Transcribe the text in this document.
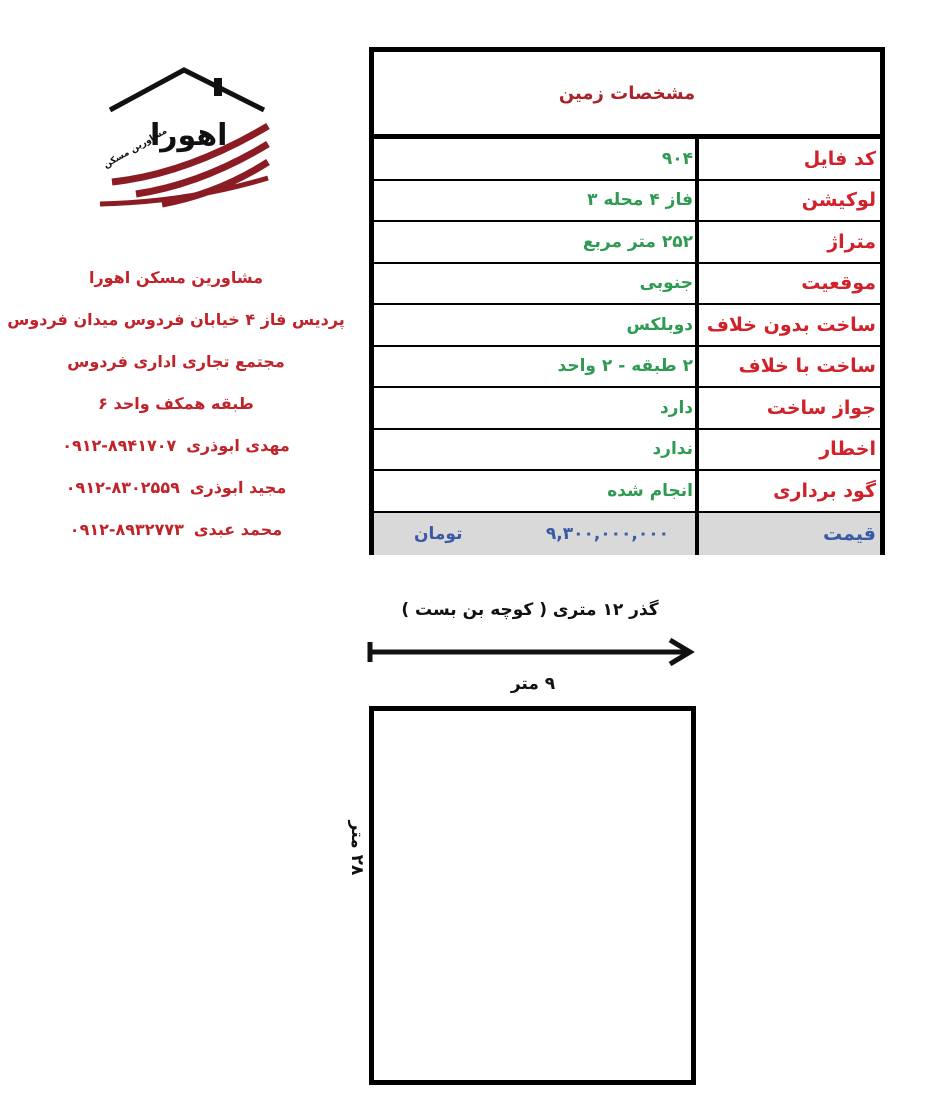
اهورا
مشاورین مسکن
مشاورین مسکن اهورا
پردیس فاز ۴ خیابان فردوس میدان فردوس
مجتمع تجاری اداری فردوس
طبقه همکف واحد ۶
مهدی ابوذری
۰۹۱۲-۸۹۴۱۷۰۷
مجید ابوذری
۰۹۱۲-۸۳۰۲۵۵۹
محمد عبدی
۰۹۱۲-۸۹۳۲۷۷۳
مشخصات زمین
کد فایل
۹۰۴
لوکیشن
فاز ۴ محله ۳
متراژ
۲۵۲ متر مربع
موقعیت
جنوبی
ساخت بدون خلاف
دوبلکس
ساخت با خلاف
۲ طبقه - ۲ واحد
جواز ساخت
دارد
اخطار
ندارد
گود برداری
انجام شده
قیمت
۹,۳۰۰,۰۰۰,۰۰۰
تومان
گذر ۱۲ متری ( کوچه بن بست )
۹ متر
۲۸ متر
